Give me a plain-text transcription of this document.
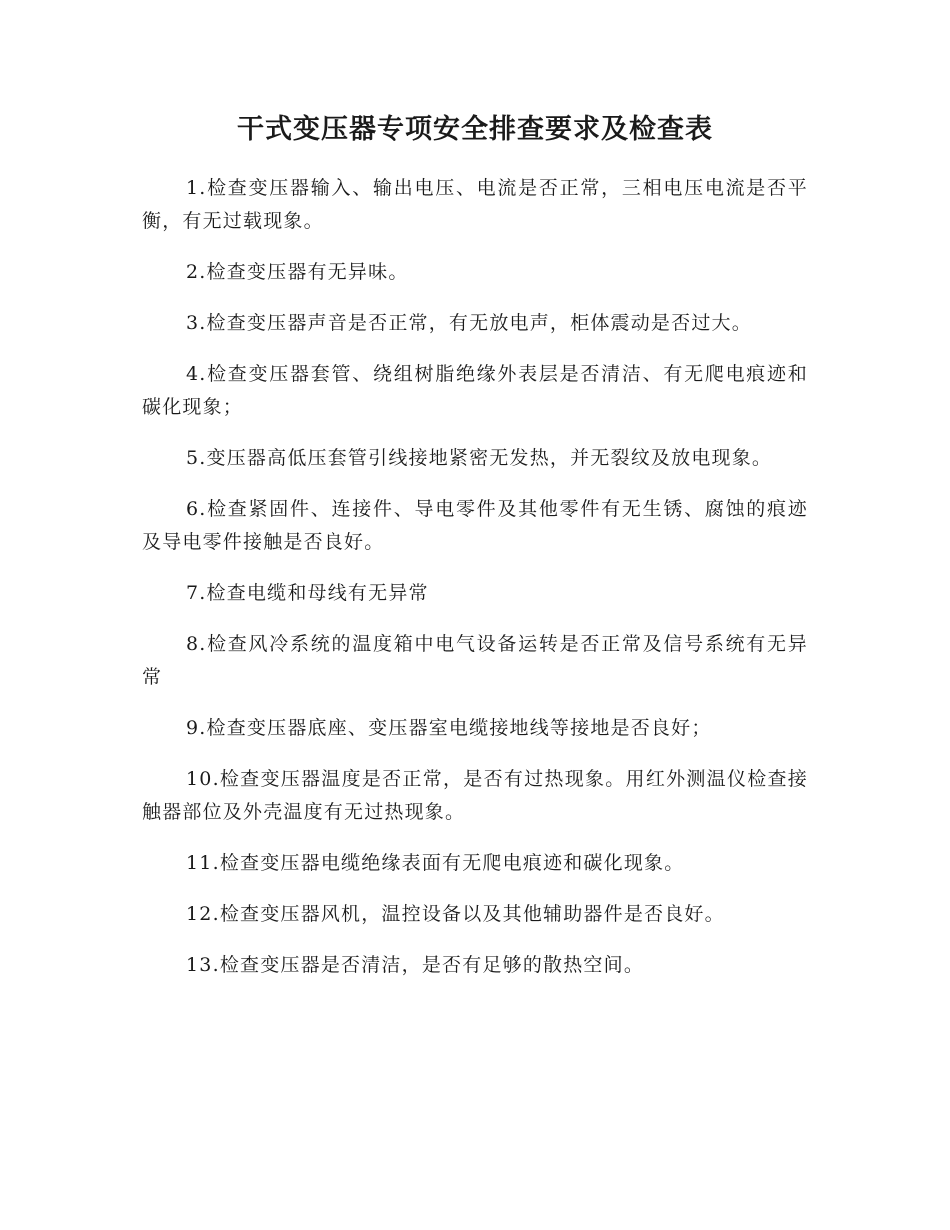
干式变压器专项安全排查要求及检查表

1.检查变压器输入、输出电压、电流是否正常，三相电压电流是否平衡，有无过载现象。

2.检查变压器有无异味。

3.检查变压器声音是否正常，有无放电声，柜体震动是否过大。

4.检查变压器套管、绕组树脂绝缘外表层是否清洁、有无爬电痕迹和碳化现象；

5.变压器高低压套管引线接地紧密无发热，并无裂纹及放电现象。

6.检查紧固件、连接件、导电零件及其他零件有无生锈、腐蚀的痕迹及导电零件接触是否良好。

7.检查电缆和母线有无异常

8.检查风冷系统的温度箱中电气设备运转是否正常及信号系统有无异常

9.检查变压器底座、变压器室电缆接地线等接地是否良好；

10.检查变压器温度是否正常，是否有过热现象。用红外测温仪检查接触器部位及外壳温度有无过热现象。

11.检查变压器电缆绝缘表面有无爬电痕迹和碳化现象。

12.检查变压器风机，温控设备以及其他辅助器件是否良好。

13.检查变压器是否清洁，是否有足够的散热空间。
